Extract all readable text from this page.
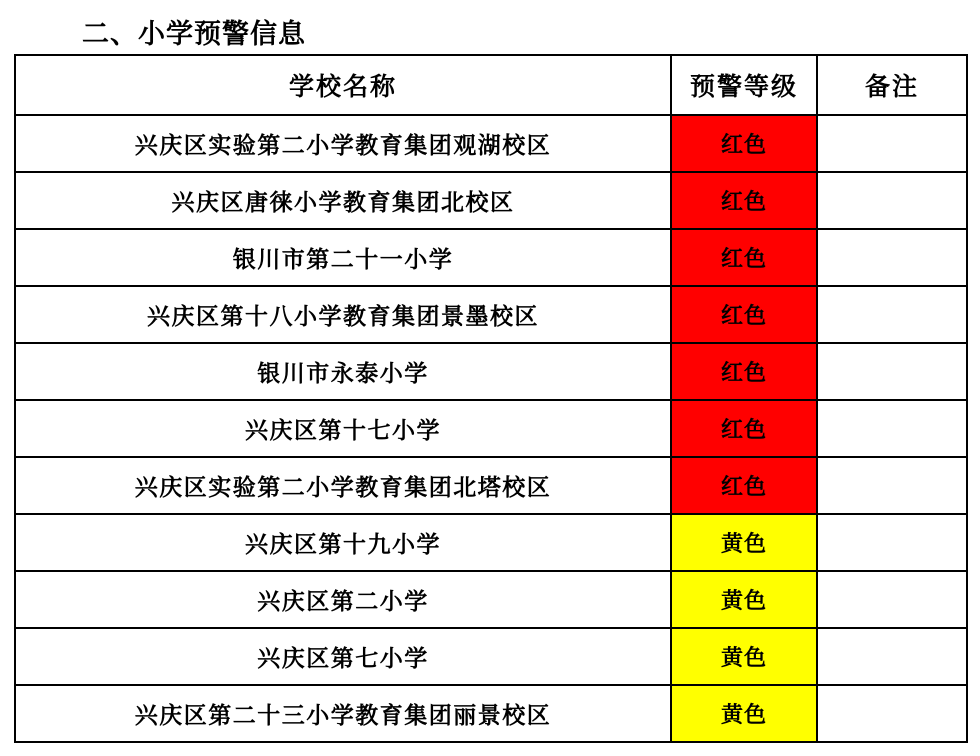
二、小学预警信息
学校名称	预警等级	备注
兴庆区实验第二小学教育集团观湖校区	红色	
兴庆区唐徕小学教育集团北校区	红色	
银川市第二十一小学	红色	
兴庆区第十八小学教育集团景墨校区	红色	
银川市永泰小学	红色	
兴庆区第十七小学	红色	
兴庆区实验第二小学教育集团北塔校区	红色	
兴庆区第十九小学	黄色	
兴庆区第二小学	黄色	
兴庆区第七小学	黄色	
兴庆区第二十三小学教育集团丽景校区	黄色	
